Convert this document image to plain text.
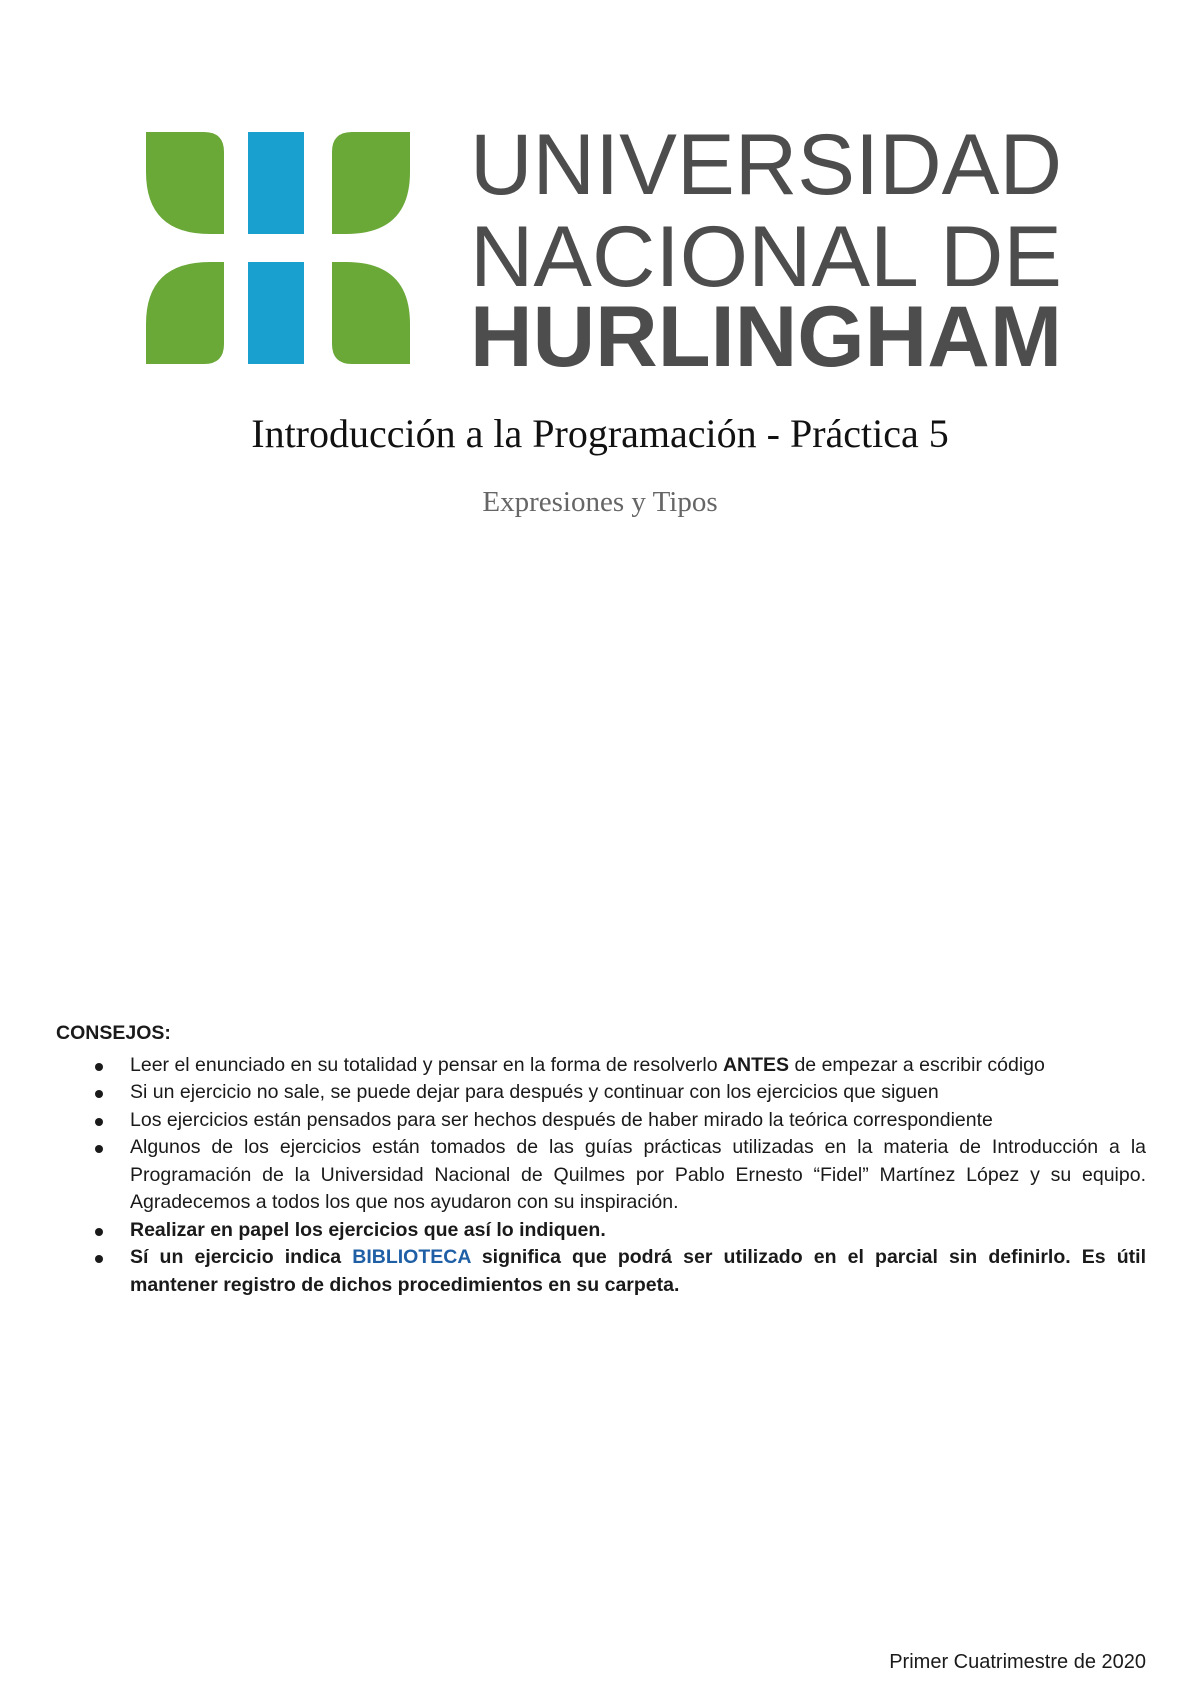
UNIVERSIDAD
NACIONAL DE
HURLINGHAM
Introducción a la Programación - Práctica 5
Expresiones y Tipos
CONSEJOS:
Leer el enunciado en su totalidad y pensar en la forma de resolverlo ANTES de empezar a escribir código
Si un ejercicio no sale, se puede dejar para después y continuar con los ejercicios que siguen
Los ejercicios están pensados para ser hechos después de haber mirado la teórica correspondiente
Algunos de los ejercicios están tomados de las guías prácticas utilizadas en la materia de Introducción a la Programación de la Universidad Nacional de Quilmes por Pablo Ernesto “Fidel” Martínez López y su equipo. Agradecemos a todos los que nos ayudaron con su inspiración.
Realizar en papel los ejercicios que así lo indiquen.
Sí un ejercicio indica BIBLIOTECA significa que podrá ser utilizado en el parcial sin definirlo. Es útil mantener registro de dichos procedimientos en su carpeta.
Primer Cuatrimestre de 2020
